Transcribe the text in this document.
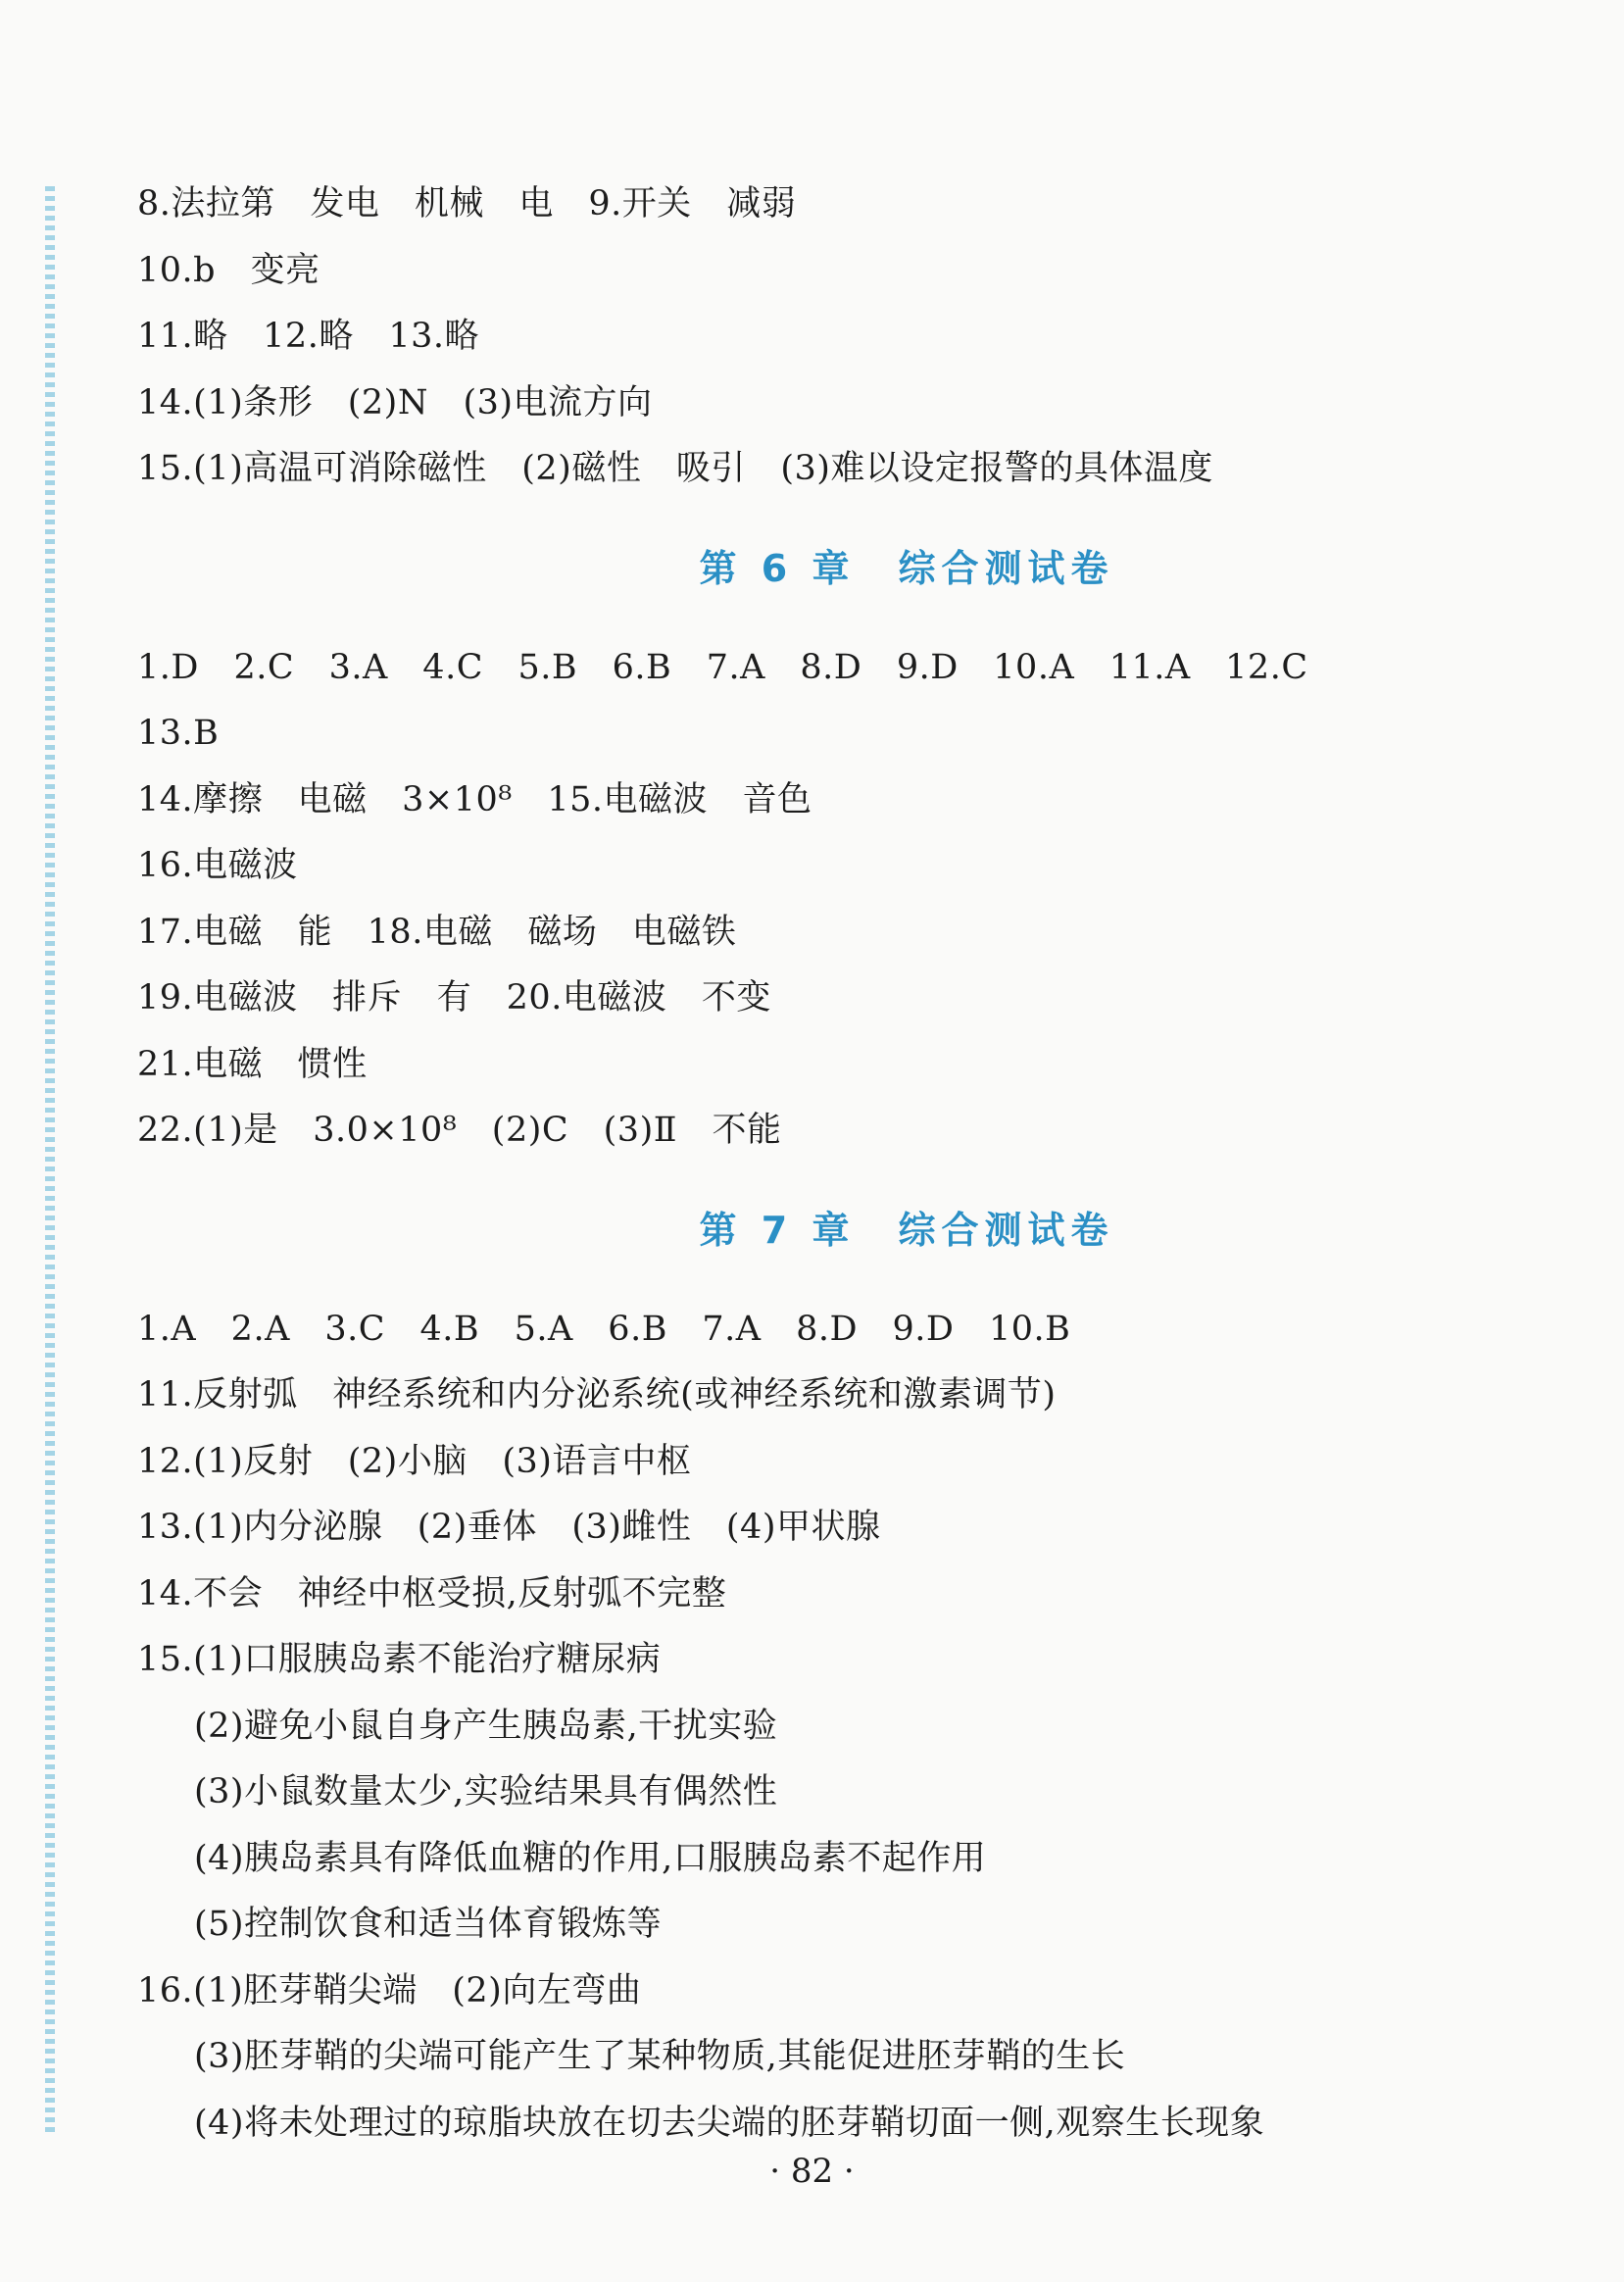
8.法拉第　发电　机械　电　9.开关　减弱
10.b　变亮
11.略　12.略　13.略
14.(1)条形　(2)N　(3)电流方向
15.(1)高温可消除磁性　(2)磁性　吸引　(3)难以设定报警的具体温度
第 6 章　综合测试卷
1.D　2.C　3.A　4.C　5.B　6.B　7.A　8.D　9.D　10.A　11.A　12.C
13.B
14.摩擦　电磁　3×10⁸　15.电磁波　音色
16.电磁波
17.电磁　能　18.电磁　磁场　电磁铁
19.电磁波　排斥　有　20.电磁波　不变
21.电磁　惯性
22.(1)是　3.0×10⁸　(2)C　(3)Ⅱ　不能
第 7 章　综合测试卷
1.A　2.A　3.C　4.B　5.A　6.B　7.A　8.D　9.D　10.B
11.反射弧　神经系统和内分泌系统(或神经系统和激素调节)
12.(1)反射　(2)小脑　(3)语言中枢
13.(1)内分泌腺　(2)垂体　(3)雌性　(4)甲状腺
14.不会　神经中枢受损,反射弧不完整
15.(1)口服胰岛素不能治疗糖尿病
(2)避免小鼠自身产生胰岛素,干扰实验
(3)小鼠数量太少,实验结果具有偶然性
(4)胰岛素具有降低血糖的作用,口服胰岛素不起作用
(5)控制饮食和适当体育锻炼等
16.(1)胚芽鞘尖端　(2)向左弯曲
(3)胚芽鞘的尖端可能产生了某种物质,其能促进胚芽鞘的生长
(4)将未处理过的琼脂块放在切去尖端的胚芽鞘切面一侧,观察生长现象
· 82 ·
